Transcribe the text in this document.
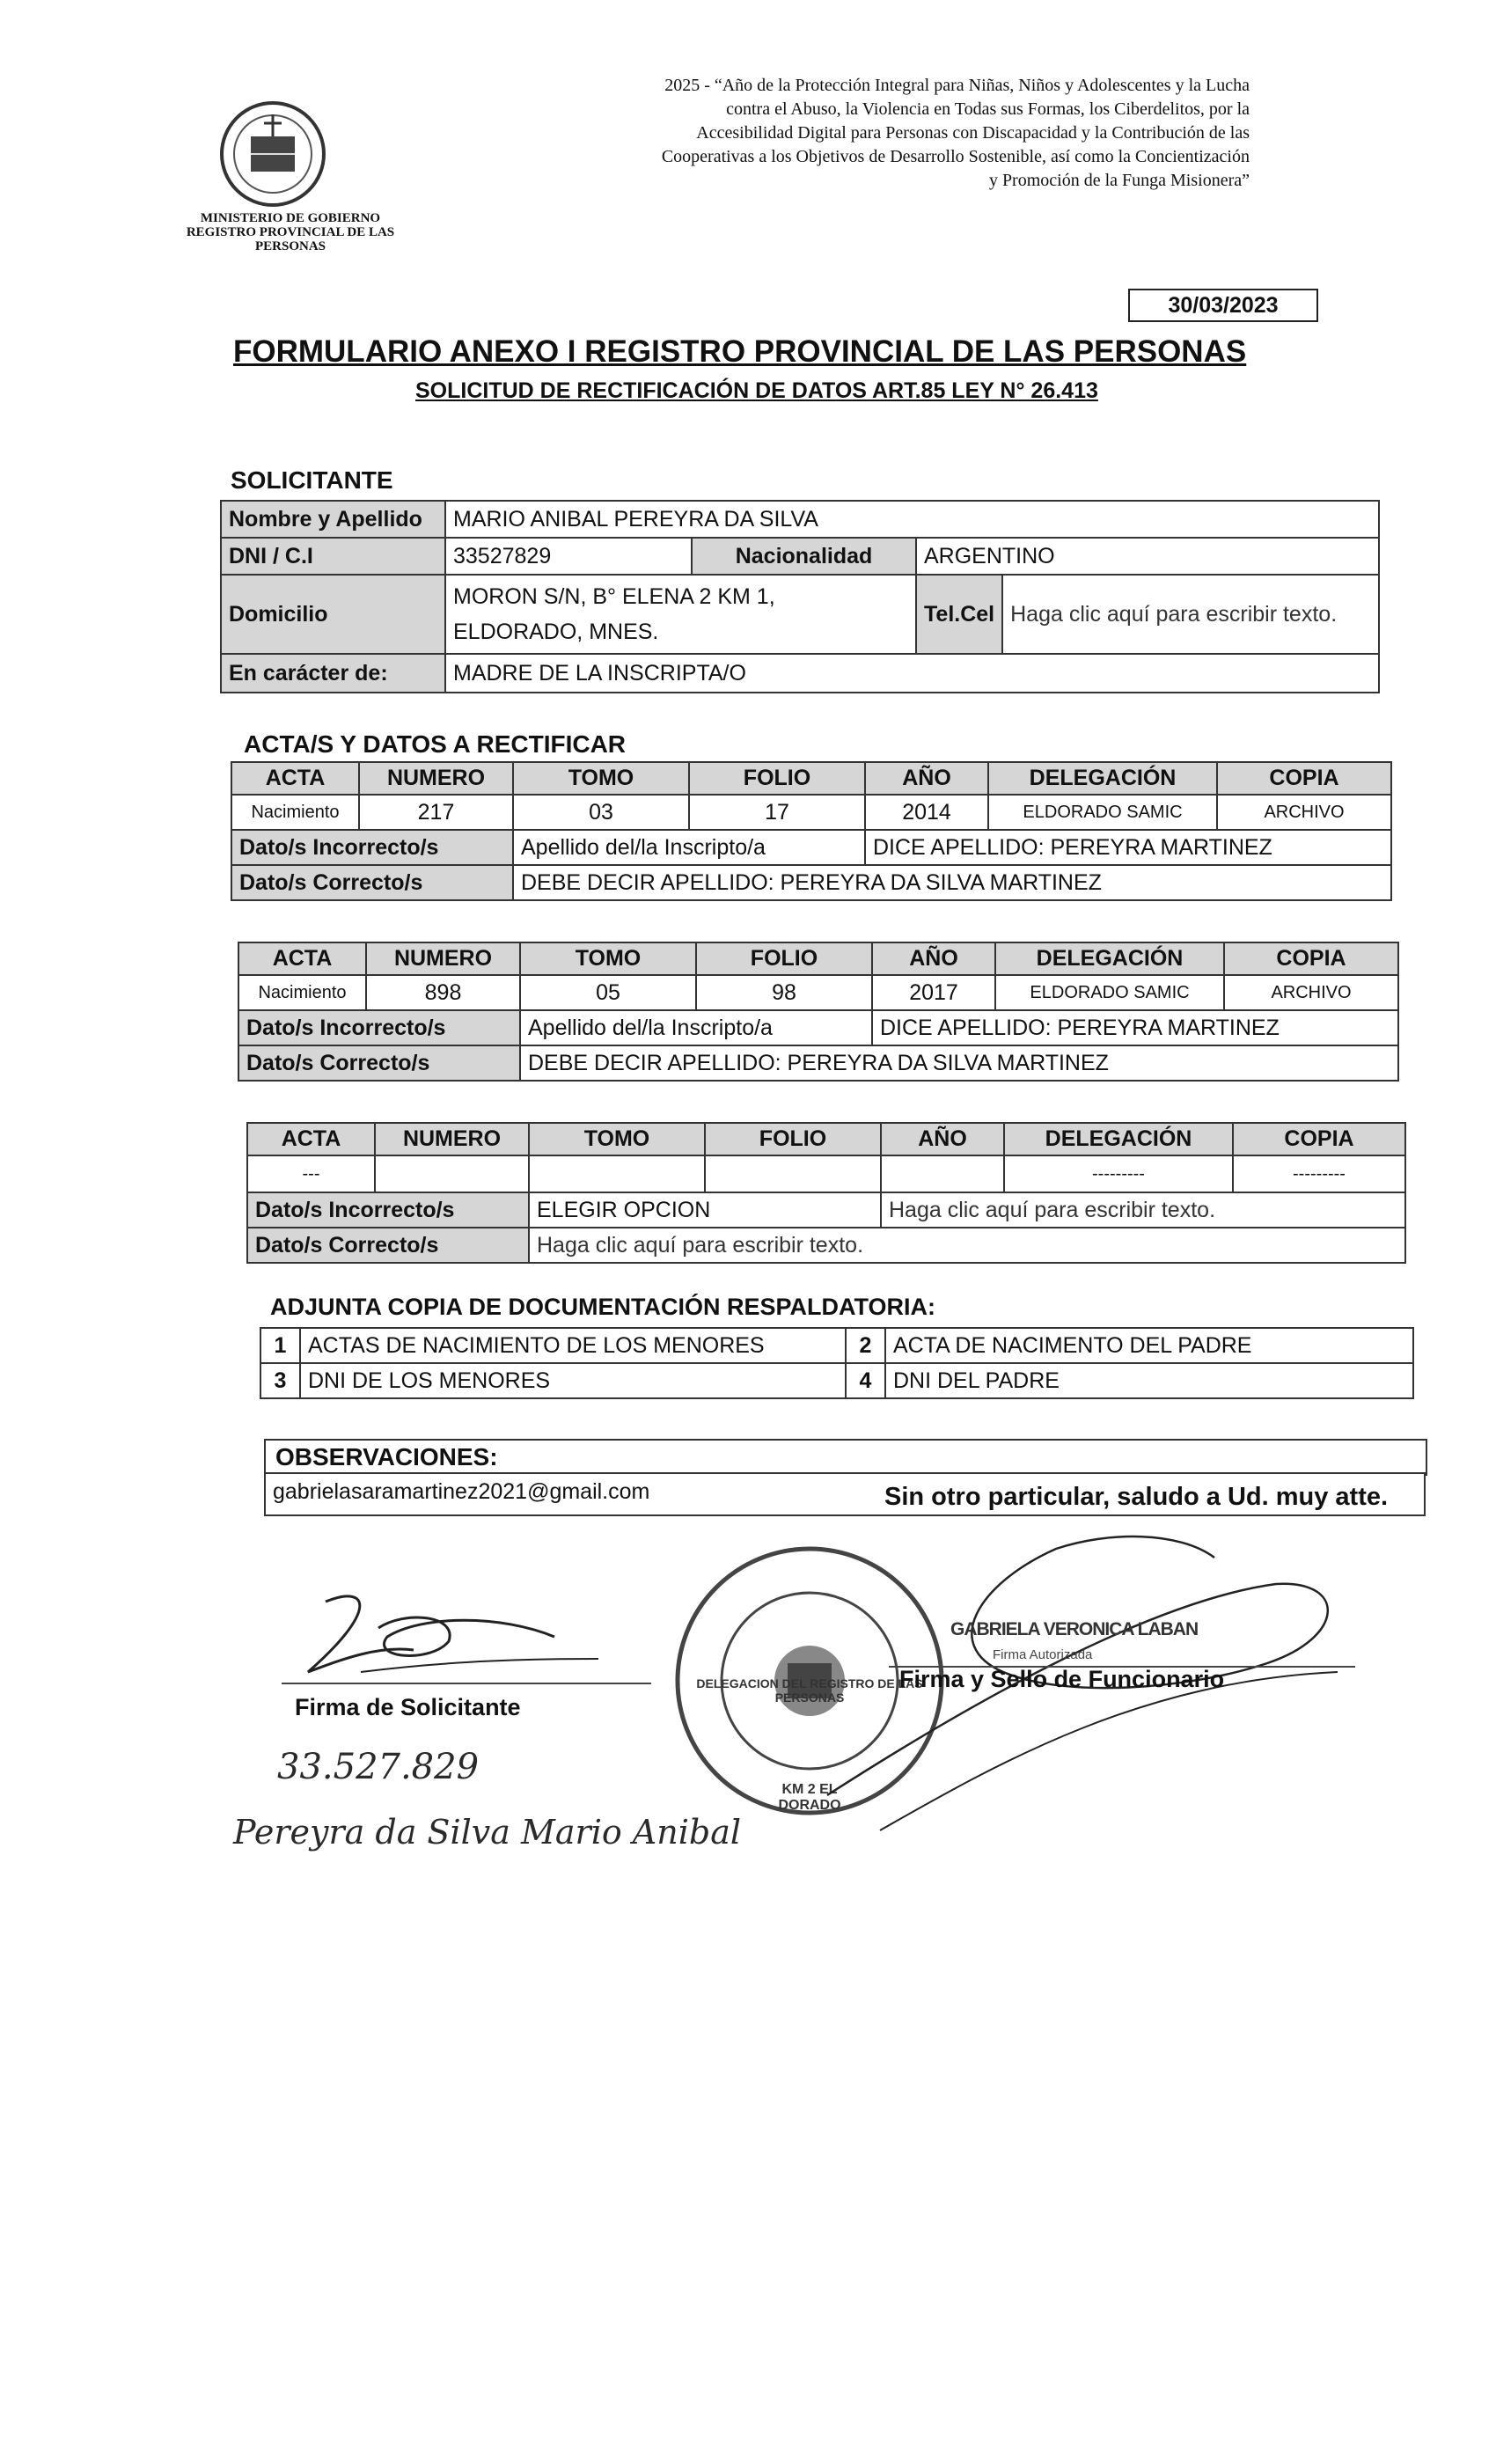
MINISTERIO DE GOBIERNO REGISTRO PROVINCIAL DE LAS PERSONAS
2025 - “Año de la Protección Integral para Niñas, Niños y Adolescentes y la Lucha contra el Abuso, la Violencia en Todas sus Formas, los Ciberdelitos, por la Accesibilidad Digital para Personas con Discapacidad y la Contribución de las Cooperativas a los Objetivos de Desarrollo Sostenible, así como la Concientización y Promoción de la Funga Misionera”
30/03/2023
FORMULARIO ANEXO I REGISTRO PROVINCIAL DE LAS PERSONAS
SOLICITUD DE RECTIFICACIÓN DE DATOS ART.85 LEY N° 26.413
SOLICITANTE
Nombre y Apellido	MARIO ANIBAL PEREYRA DA SILVA			
DNI / C.I	33527829	Nacionalidad	ARGENTINO	
Domicilio	MORON S/N, B° ELENA 2 KM 1, ELDORADO, MNES.		Tel.Cel	Haga clic aquí para escribir texto.
En carácter de:	MADRE DE LA INSCRIPTA/O			
ACTA/S Y DATOS A RECTIFICAR
ACTA	NUMERO	TOMO	FOLIO	AÑO	DELEGACIÓN	COPIA
Nacimiento	217	03	17	2014	ELDORADO SAMIC	ARCHIVO
Dato/s Incorrecto/s		Apellido del/la Inscripto/a		DICE APELLIDO: PEREYRA MARTINEZ		
Dato/s Correcto/s		DEBE DECIR APELLIDO: PEREYRA DA SILVA MARTINEZ				
ACTA	NUMERO	TOMO	FOLIO	AÑO	DELEGACIÓN	COPIA
Nacimiento	898	05	98	2017	ELDORADO SAMIC	ARCHIVO
Dato/s Incorrecto/s		Apellido del/la Inscripto/a		DICE APELLIDO: PEREYRA MARTINEZ		
Dato/s Correcto/s		DEBE DECIR APELLIDO: PEREYRA DA SILVA MARTINEZ				
ACTA	NUMERO	TOMO	FOLIO	AÑO	DELEGACIÓN	COPIA
---					---------	---------
Dato/s Incorrecto/s		ELEGIR OPCION		Haga clic aquí para escribir texto.		
Dato/s Correcto/s		Haga clic aquí para escribir texto.				
ADJUNTA COPIA DE DOCUMENTACIÓN RESPALDATORIA:
1	ACTAS DE NACIMIENTO DE LOS MENORES	2	ACTA DE NACIMENTO DEL PADRE
3	DNI DE LOS MENORES	4	DNI DEL PADRE
OBSERVACIONES:
gabrielasaramartinez2021@gmail.com	Sin otro particular, saludo a Ud. muy atte.
Firma de Solicitante
33.527.829
Pereyra da Silva Mario Anibal
DELEGACION DEL REGISTRO DE LAS PERSONAS
KM 2 EL DORADO
GABRIELA VERONICA LABAN
Firma Autorizada
Firma y Sello de Funcionario
